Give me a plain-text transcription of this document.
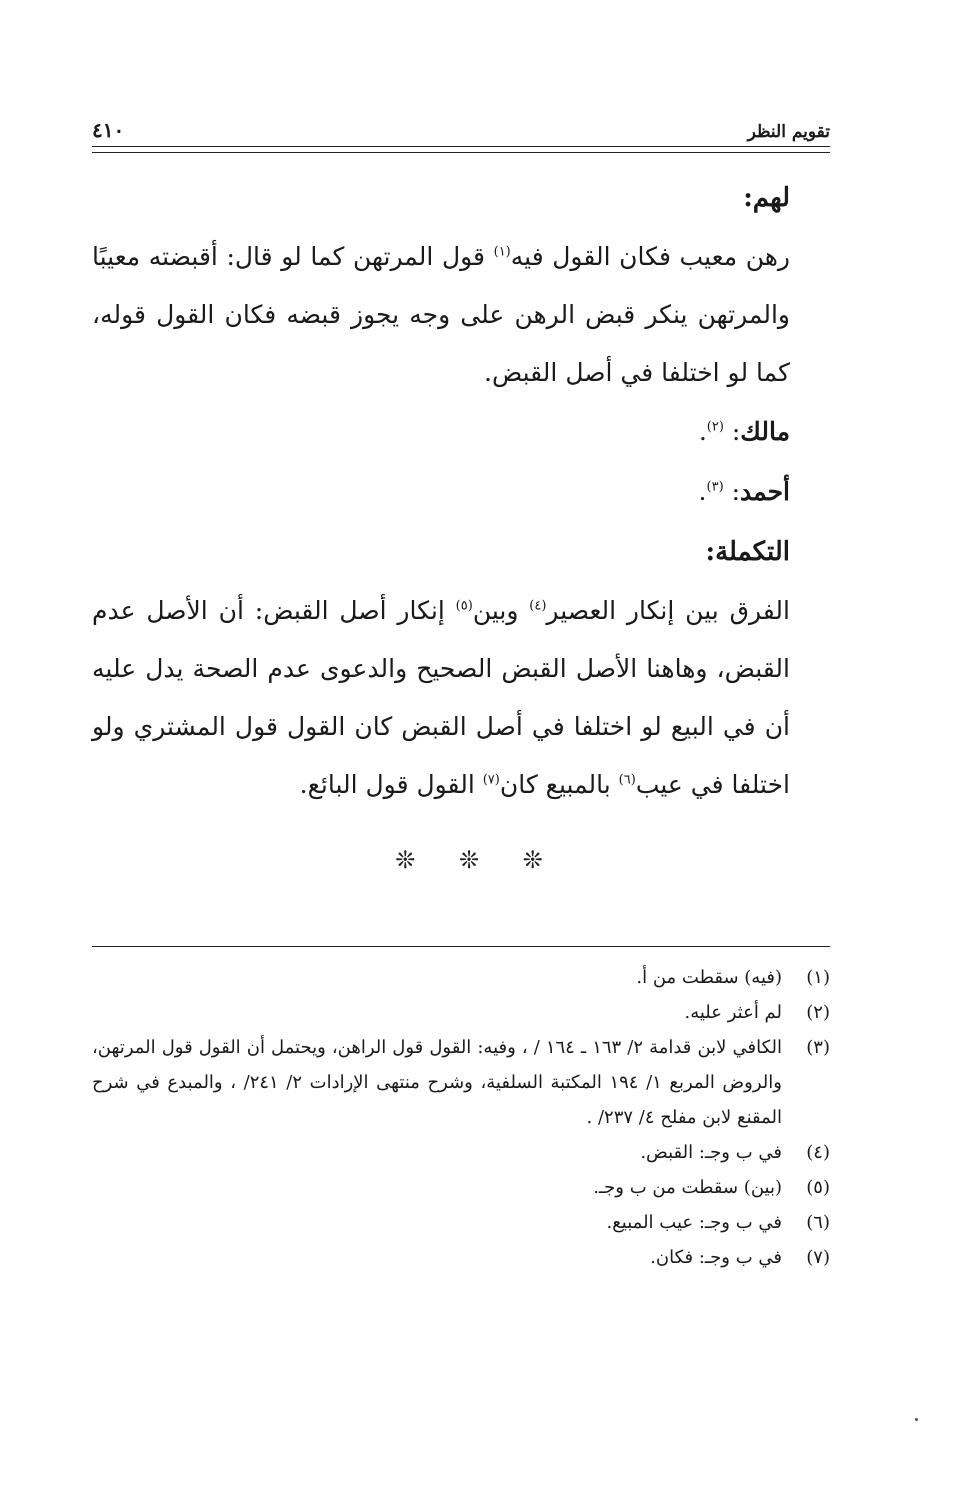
تقويم النظر
٤١٠
لهم:
رهن معيب فكان القول فيه$^{(١)}$ قول المرتهن كما لو قال: أقبضته معيبًا والمرتهن ينكر قبض الرهن على وجه يجوز قبضه فكان القول قوله، كما لو اختلفا في أصل القبض.
مالك: $^{(٢)}$.
أحمد: $^{(٣)}$.
التكملة:
الفرق بين إنكار العصير$^{(٤)}$ وبين$^{(٥)}$ إنكار أصل القبض: أن الأصل عدم القبض، وهاهنا الأصل القبض الصحيح والدعوى عدم الصحة يدل عليه أن في البيع لو اختلفا في أصل القبض كان القول قول المشتري ولو اختلفا في عيب$^{(٦)}$ بالمبيع كان$^{(٧)}$ القول قول البائع.
❊ ❊ ❊
(١)
(فيه) سقطت من أ.
(٢)
لم أعثر عليه.
(٣)
الكافي لابن قدامة ٢/ ١٦٣ ـ ١٦٤ / ، وفيه: القول قول الراهن، ويحتمل أن القول قول المرتهن، والروض المربع ١/ ١٩٤ المكتبة السلفية، وشرح منتهى الإرادات ٢/ ٢٤١/ ، والمبدع في شرح المقنع لابن مفلح ٤/ ٢٣٧/ .
(٤)
في ب وجـ: القبض.
(٥)
(بين) سقطت من ب وجـ.
(٦)
في ب وجـ: عيب المبيع.
(٧)
في ب وجـ: فكان.
